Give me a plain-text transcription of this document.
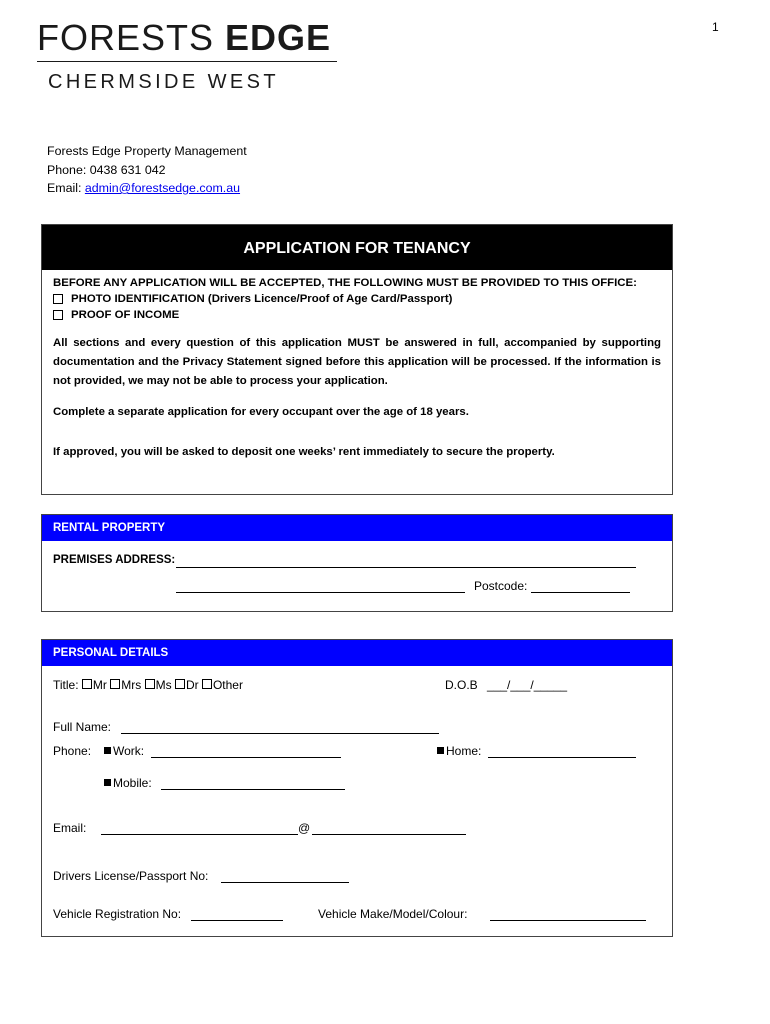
1
FORESTS EDGE
CHERMSIDE WEST
Forests Edge Property Management
Phone: 0438 631 042
Email: admin@forestsedge.com.au
APPLICATION FOR TENANCY
BEFORE ANY APPLICATION WILL BE ACCEPTED, THE FOLLOWING MUST BE PROVIDED TO THIS OFFICE:
PHOTO IDENTIFICATION (Drivers Licence/Proof of Age Card/Passport)
PROOF OF INCOME
All sections and every question of this application MUST be answered in full, accompanied by supporting documentation and the Privacy Statement signed before this application will be processed. If the information is not provided, we may not be able to process your application.
Complete a separate application for every occupant over the age of 18 years.
If approved, you will be asked to deposit one weeks’ rent immediately to secure the property.
RENTAL PROPERTY
PREMISES ADDRESS:
Postcode:
PERSONAL DETAILS
Title: Mr Mrs Ms Dr Other	D.O.B ___/___/_____
Full Name:
Phone:	Work:	Home:
Mobile:
Email:	@
Drivers License/Passport No:
Vehicle Registration No:	Vehicle Make/Model/Colour:
